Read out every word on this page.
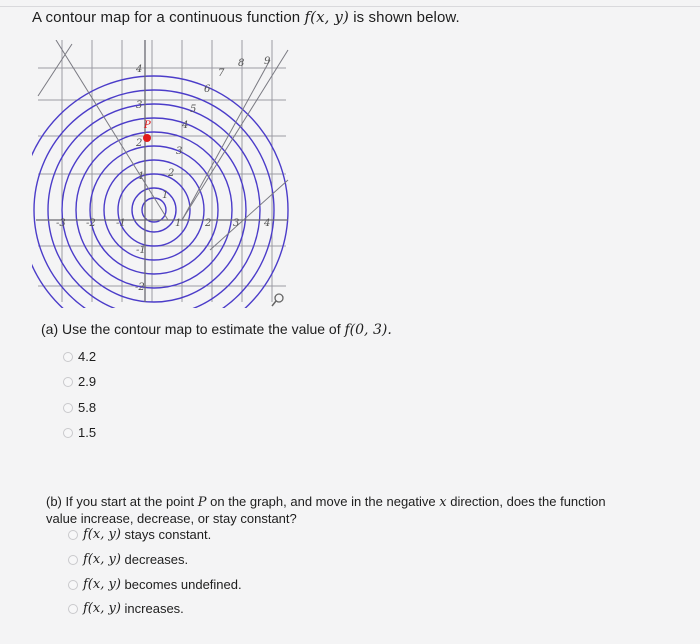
A contour map for a continuous function f(x, y) is shown below.
4
3
2
1
-1
-2
-3 -2 -1	1 2 3 4
1
2
3
4
5
6
7
8 9
P
(a) Use the contour map to estimate the value of f(0, 3).
4.2
2.9
5.8
1.5
(b) If you start at the point P on the graph, and move in the negative x direction, does the function
value increase, decrease, or stay constant?
f(x, y)
stays constant.
f(x, y)
decreases.
f(x, y)
becomes undefined.
f(x, y)
increases.
